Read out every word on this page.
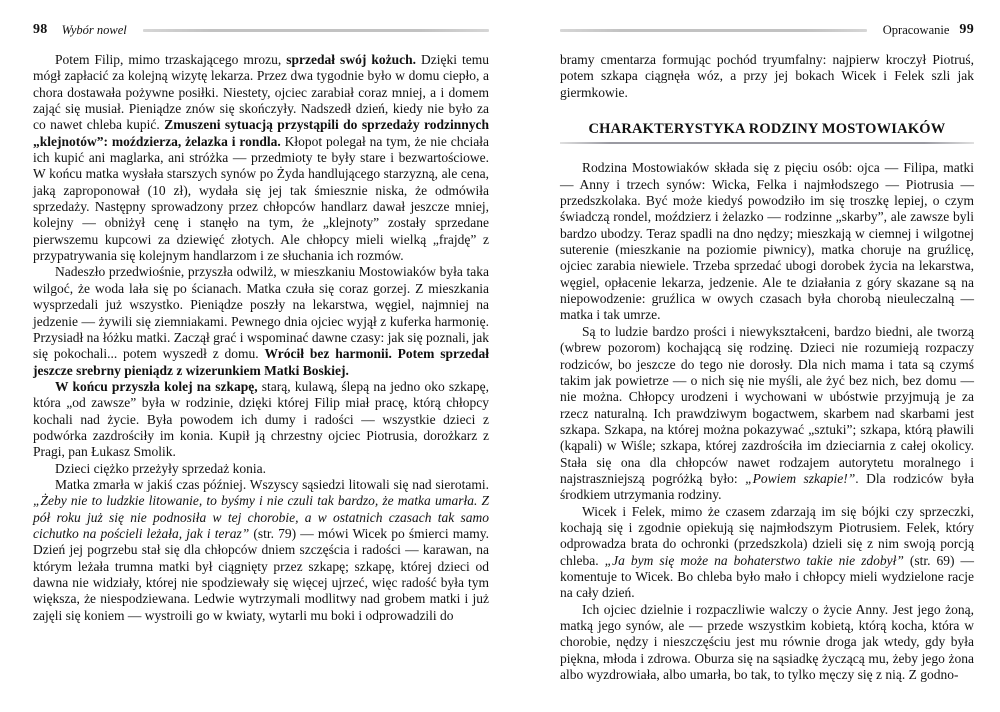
98 Wybór nowel

Potem Filip, mimo trzaskającego mrozu, sprzedał swój kożuch. Dzięki temu mógł zapłacić za kolejną wizytę lekarza. Przez dwa tygodnie było w domu ciepło, a chora dostawała pożywne posiłki. Niestety, ojciec zarabiał coraz mniej, a i domem zająć się musiał. Pieniądze znów się skończyły. Nadszedł dzień, kiedy nie było za co nawet chleba kupić. Zmuszeni sytuacją przystąpili do sprzedaży rodzinnych „klejnotów”: moździerza, żelazka i rondla. Kłopot polegał na tym, że nie chciała ich kupić ani maglarka, ani stróżka — przedmioty te były stare i bezwartościowe. W końcu matka wysłała starszych synów po Żyda handlującego starzyzną, ale cena, jaką zaproponował (10 zł), wydała się jej tak śmiesznie niska, że odmówiła sprzedaży. Następny sprowadzony przez chłopców handlarz dawał jeszcze mniej, kolejny — obniżył cenę i stanęło na tym, że „klejnoty” zostały sprzedane pierwszemu kupcowi za dziewięć złotych. Ale chłopcy mieli wielką „frajdę” z przypatrywania się kolejnym handlarzom i ze słuchania ich rozmów.

Nadeszło przedwiośnie, przyszła odwilż, w mieszkaniu Mostowiaków była taka wilgoć, że woda lała się po ścianach. Matka czuła się coraz gorzej. Z mieszkania wysprzedali już wszystko. Pieniądze poszły na lekarstwa, węgiel, najmniej na jedzenie — żywili się ziemniakami. Pewnego dnia ojciec wyjął z kuferka harmonię. Przysiadł na łóżku matki. Zaczął grać i wspominać dawne czasy: jak się poznali, jak się pokochali... potem wyszedł z domu. Wrócił bez harmonii. Potem sprzedał jeszcze srebrny pieniądz z wizerunkiem Matki Boskiej.

W końcu przyszła kolej na szkapę, starą, kulawą, ślepą na jedno oko szkapę, która „od zawsze” była w rodzinie, dzięki której Filip miał pracę, którą chłopcy kochali nad życie. Była powodem ich dumy i radości — wszystkie dzieci z podwórka zazdrościły im konia. Kupił ją chrzestny ojciec Piotrusia, dorożkarz z Pragi, pan Łukasz Smolik.

Dzieci ciężko przeżyły sprzedaż konia.

Matka zmarła w jakiś czas później. Wszyscy sąsiedzi litowali się nad sierotami. „Żeby nie to ludzkie litowanie, to byśmy i nie czuli tak bardzo, że matka umarła. Z pół roku już się nie podnosiła w tej chorobie, a w ostatnich czasach tak samo cichutko na pościeli leżała, jak i teraz” (str. 79) — mówi Wicek po śmierci mamy. Dzień jej pogrzebu stał się dla chłopców dniem szczęścia i radości — karawan, na którym leżała trumna matki był ciągnięty przez szkapę; szkapę, której dzieci od dawna nie widziały, której nie spodziewały się więcej ujrzeć, więc radość była tym większa, że niespodziewana. Ledwie wytrzymali modlitwy nad grobem matki i już zajęli się koniem — wystroili go w kwiaty, wytarli mu boki i odprowadzili do

Opracowanie 99

bramy cmentarza formując pochód tryumfalny: najpierw kroczył Piotruś, potem szkapa ciągnęła wóz, a przy jej bokach Wicek i Felek szli jak giermkowie.

CHARAKTERYSTYKA RODZINY MOSTOWIAKÓW

Rodzina Mostowiaków składa się z pięciu osób: ojca — Filipa, matki — Anny i trzech synów: Wicka, Felka i najmłodszego — Piotrusia — przedszkolaka. Być może kiedyś powodziło im się troszkę lepiej, o czym świadczą rondel, moździerz i żelazko — rodzinne „skarby”, ale zawsze byli bardzo ubodzy. Teraz spadli na dno nędzy; mieszkają w ciemnej i wilgotnej suterenie (mieszkanie na poziomie piwnicy), matka choruje na gruźlicę, ojciec zarabia niewiele. Trzeba sprzedać ubogi dorobek życia na lekarstwa, węgiel, opłacenie lekarza, jedzenie. Ale te działania z góry skazane są na niepowodzenie: gruźlica w owych czasach była chorobą nieuleczalną — matka i tak umrze.

Są to ludzie bardzo prości i niewykształceni, bardzo biedni, ale tworzą (wbrew pozorom) kochającą się rodzinę. Dzieci nie rozumieją rozpaczy rodziców, bo jeszcze do tego nie dorosły. Dla nich mama i tata są czymś takim jak powietrze — o nich się nie myśli, ale żyć bez nich, bez domu — nie można. Chłopcy urodzeni i wychowani w ubóstwie przyjmują je za rzecz naturalną. Ich prawdziwym bogactwem, skarbem nad skarbami jest szkapa. Szkapa, na której można pokazywać „sztuki”; szkapa, którą pławili (kąpali) w Wiśle; szkapa, której zazdrościła im dzieciarnia z całej okolicy. Stała się ona dla chłopców nawet rodzajem autorytetu moralnego i najstraszniejszą pogróżką było: „Powiem szkapie!”. Dla rodziców była środkiem utrzymania rodziny.

Wicek i Felek, mimo że czasem zdarzają im się bójki czy sprzeczki, kochają się i zgodnie opiekują się najmłodszym Piotrusiem. Felek, który odprowadza brata do ochronki (przedszkola) dzieli się z nim swoją porcją chleba. „Ja bym się może na bohaterstwo takie nie zdobył” (str. 69) — komentuje to Wicek. Bo chleba było mało i chłopcy mieli wydzielone racje na cały dzień.

Ich ojciec dzielnie i rozpaczliwie walczy o życie Anny. Jest jego żoną, matką jego synów, ale — przede wszystkim kobietą, którą kocha, która w chorobie, nędzy i nieszczęściu jest mu równie droga jak wtedy, gdy była piękna, młoda i zdrowa. Oburza się na sąsiadkę życzącą mu, żeby jego żona albo wyzdrowiała, albo umarła, bo tak, to tylko męczy się z nią. Z godno-
